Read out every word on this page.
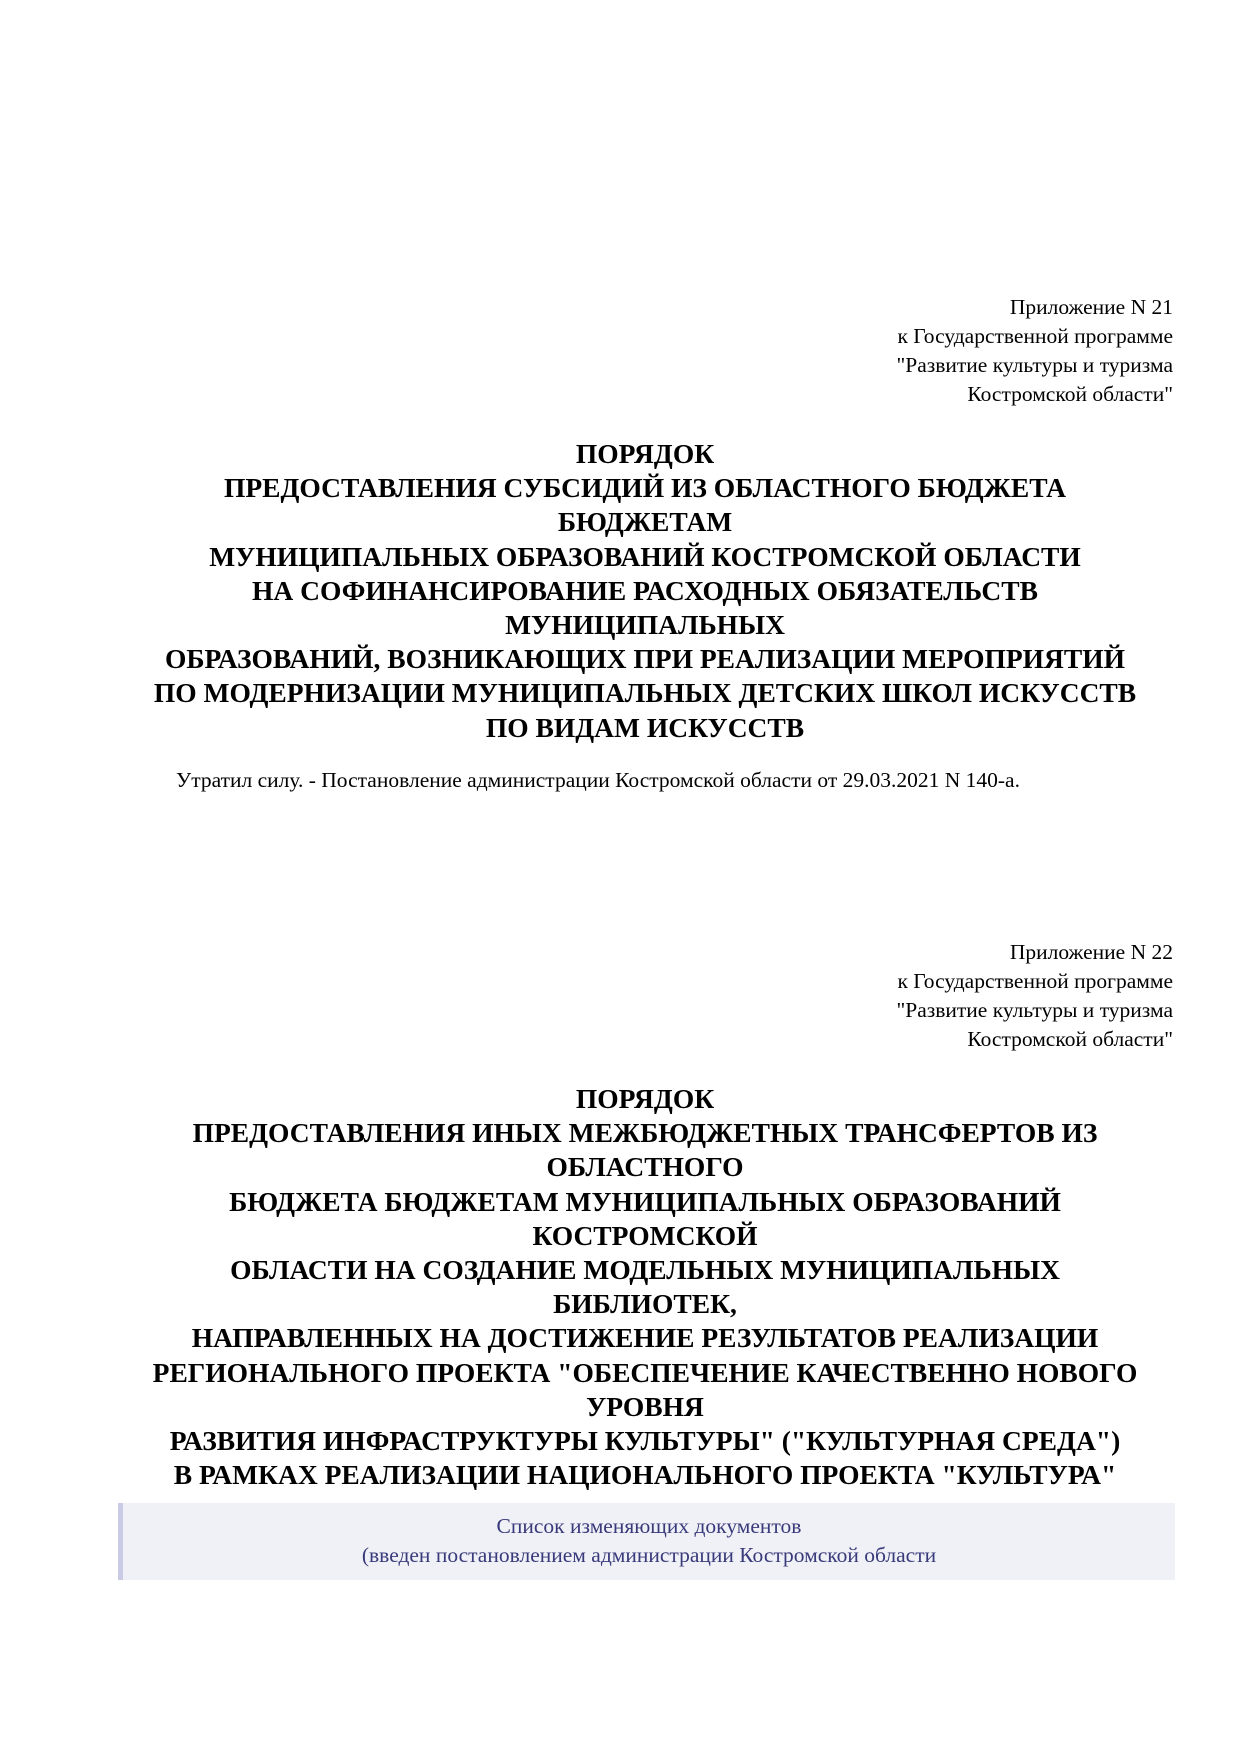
Приложение N 21
к Государственной программе
"Развитие культуры и туризма
Костромской области"
ПОРЯДОК
ПРЕДОСТАВЛЕНИЯ СУБСИДИЙ ИЗ ОБЛАСТНОГО БЮДЖЕТА
БЮДЖЕТАМ
МУНИЦИПАЛЬНЫХ ОБРАЗОВАНИЙ КОСТРОМСКОЙ ОБЛАСТИ
НА СОФИНАНСИРОВАНИЕ РАСХОДНЫХ ОБЯЗАТЕЛЬСТВ
МУНИЦИПАЛЬНЫХ
ОБРАЗОВАНИЙ, ВОЗНИКАЮЩИХ ПРИ РЕАЛИЗАЦИИ МЕРОПРИЯТИЙ
ПО МОДЕРНИЗАЦИИ МУНИЦИПАЛЬНЫХ ДЕТСКИХ ШКОЛ ИСКУССТВ
ПО ВИДАМ ИСКУССТВ
Утратил силу. - Постановление администрации Костромской области от 29.03.2021 N 140-а.
Приложение N 22
к Государственной программе
"Развитие культуры и туризма
Костромской области"
ПОРЯДОК
ПРЕДОСТАВЛЕНИЯ ИНЫХ МЕЖБЮДЖЕТНЫХ ТРАНСФЕРТОВ ИЗ
ОБЛАСТНОГО
БЮДЖЕТА БЮДЖЕТАМ МУНИЦИПАЛЬНЫХ ОБРАЗОВАНИЙ
КОСТРОМСКОЙ
ОБЛАСТИ НА СОЗДАНИЕ МОДЕЛЬНЫХ МУНИЦИПАЛЬНЫХ
БИБЛИОТЕК,
НАПРАВЛЕННЫХ НА ДОСТИЖЕНИЕ РЕЗУЛЬТАТОВ РЕАЛИЗАЦИИ
РЕГИОНАЛЬНОГО ПРОЕКТА "ОБЕСПЕЧЕНИЕ КАЧЕСТВЕННО НОВОГО
УРОВНЯ
РАЗВИТИЯ ИНФРАСТРУКТУРЫ КУЛЬТУРЫ" ("КУЛЬТУРНАЯ СРЕДА")
В РАМКАХ РЕАЛИЗАЦИИ НАЦИОНАЛЬНОГО ПРОЕКТА "КУЛЬТУРА"
Список изменяющих документов
(введен постановлением администрации Костромской области
